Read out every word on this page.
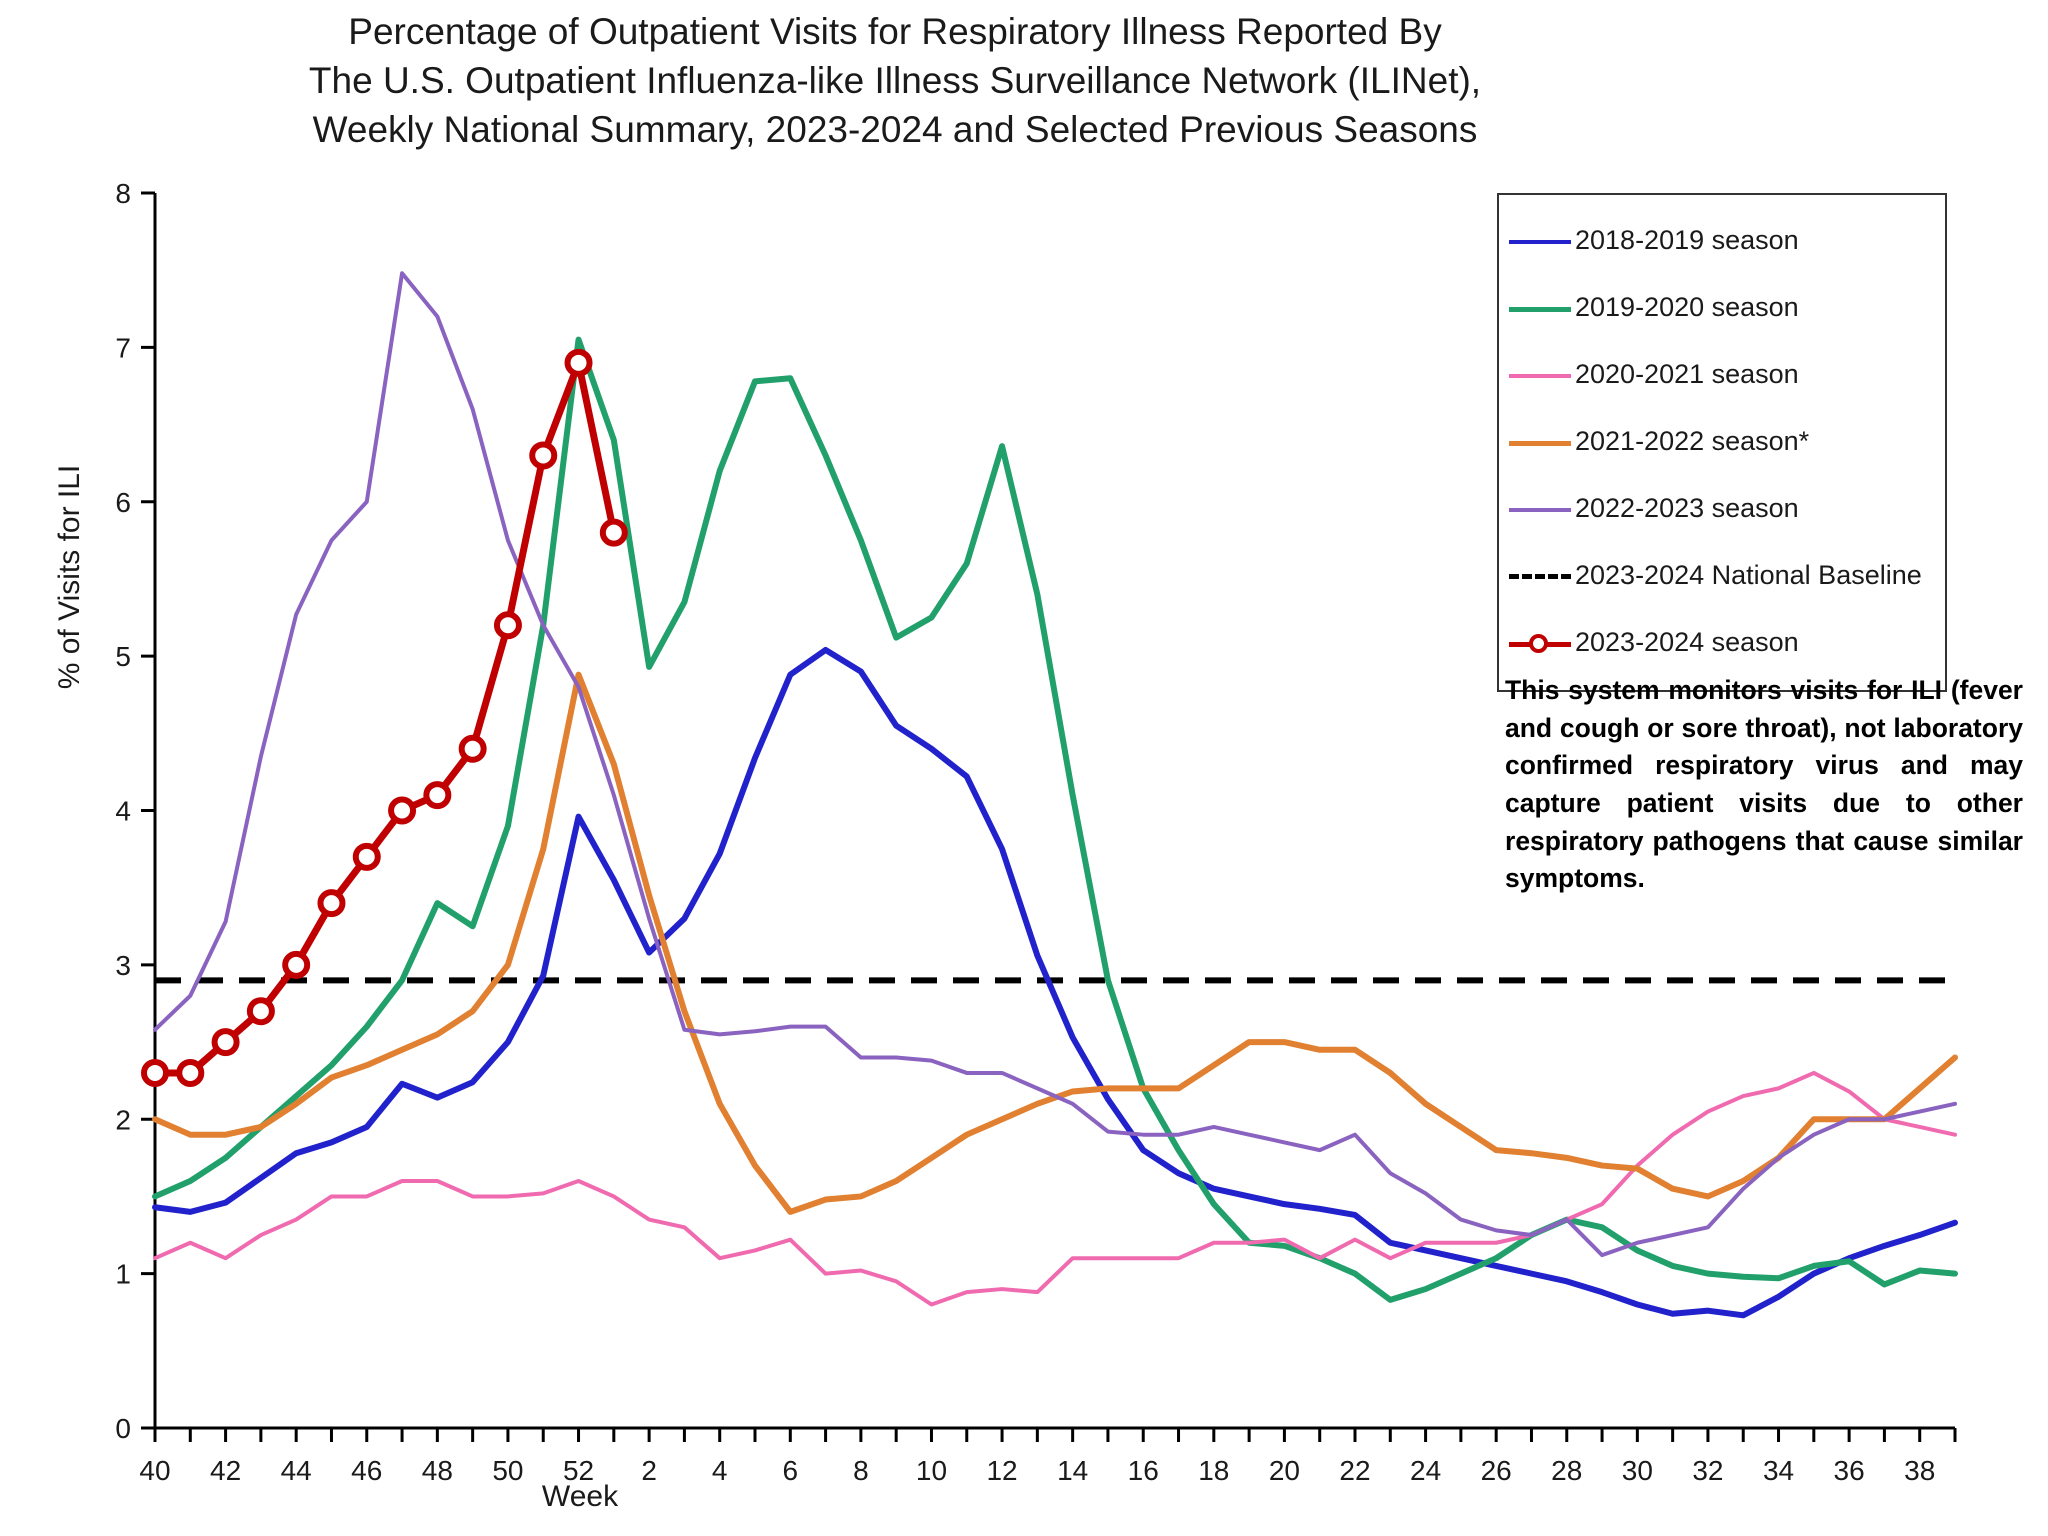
Percentage of Outpatient Visits for Respiratory Illness Reported By
The U.S. Outpatient Influenza-like Illness Surveillance Network (ILINet),
Weekly National Summary, 2023-2024 and Selected Previous Seasons
0
1
2
3
4
5
6
7
8
40 42 44 46 48 50 52 2 4 6 8 10 12 14 16 18 20 22 24 26 28 30 32 34 36 38
% of Visits for ILI
Week
2018-2019 season
2019-2020 season
2020-2021 season
2021-2022 season*
2022-2023 season
2023-2024 National Baseline
2023-2024 season
This system monitors visits for ILI (fever and cough or sore throat), not laboratory confirmed respiratory virus and may capture patient visits due to other respiratory pathogens that cause similar symptoms.
